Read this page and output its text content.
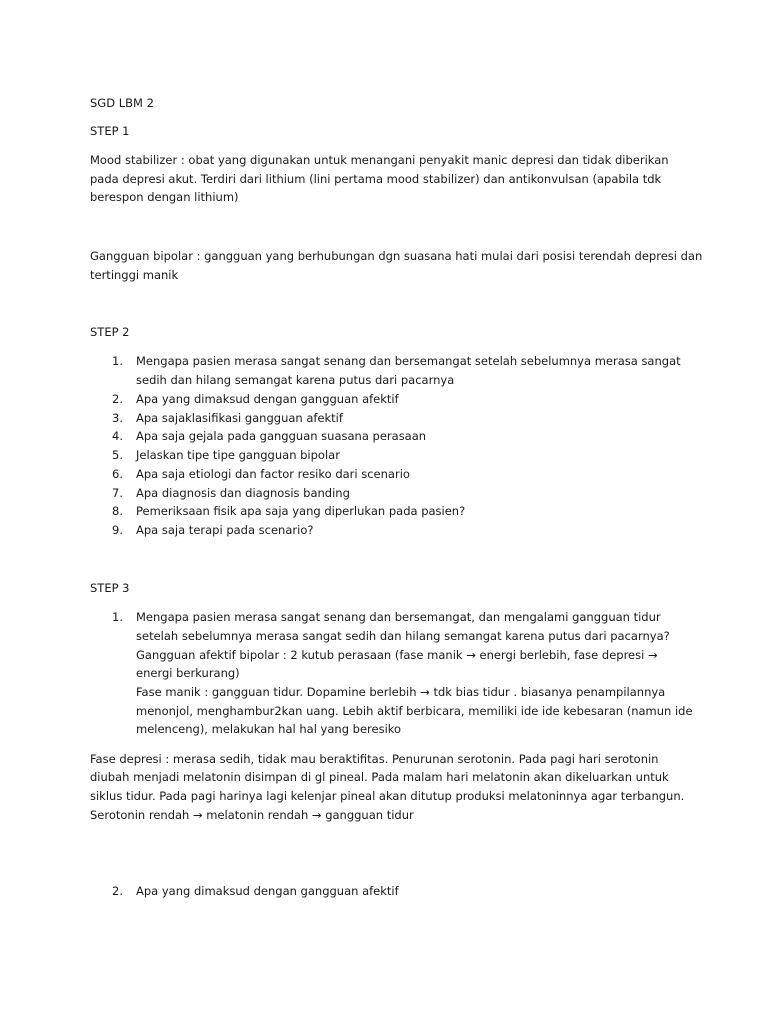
SGD LBM 2
STEP 1
Mood stabilizer : obat yang digunakan untuk menangani penyakit manic depresi dan tidak diberikan
pada depresi akut. Terdiri dari lithium (lini pertama mood stabilizer) dan antikonvulsan (apabila tdk
berespon dengan lithium)
Gangguan bipolar : gangguan yang berhubungan dgn suasana hati mulai dari posisi terendah depresi dan
tertinggi manik
STEP 2
1. Mengapa pasien merasa sangat senang dan bersemangat setelah sebelumnya merasa sangat
sedih dan hilang semangat karena putus dari pacarnya
2. Apa yang dimaksud dengan gangguan afektif
3. Apa sajaklasifikasi gangguan afektif
4. Apa saja gejala pada gangguan suasana perasaan
5. Jelaskan tipe tipe gangguan bipolar
6. Apa saja etiologi dan factor resiko dari scenario
7. Apa diagnosis dan diagnosis banding
8. Pemeriksaan fisik apa saja yang diperlukan pada pasien?
9. Apa saja terapi pada scenario?
STEP 3
1. Mengapa pasien merasa sangat senang dan bersemangat, dan mengalami gangguan tidur
setelah sebelumnya merasa sangat sedih dan hilang semangat karena putus dari pacarnya?
Gangguan afektif bipolar : 2 kutub perasaan (fase manik → energi berlebih, fase depresi →
energi berkurang)
Fase manik : gangguan tidur. Dopamine berlebih → tdk bias tidur . biasanya penampilannya
menonjol, menghambur2kan uang. Lebih aktif berbicara, memiliki ide ide kebesaran (namun ide
melenceng), melakukan hal hal yang beresiko
Fase depresi : merasa sedih, tidak mau beraktifitas. Penurunan serotonin. Pada pagi hari serotonin
diubah menjadi melatonin disimpan di gl pineal. Pada malam hari melatonin akan dikeluarkan untuk
siklus tidur. Pada pagi harinya lagi kelenjar pineal akan ditutup produksi melatoninnya agar terbangun.
Serotonin rendah → melatonin rendah → gangguan tidur
2. Apa yang dimaksud dengan gangguan afektif
